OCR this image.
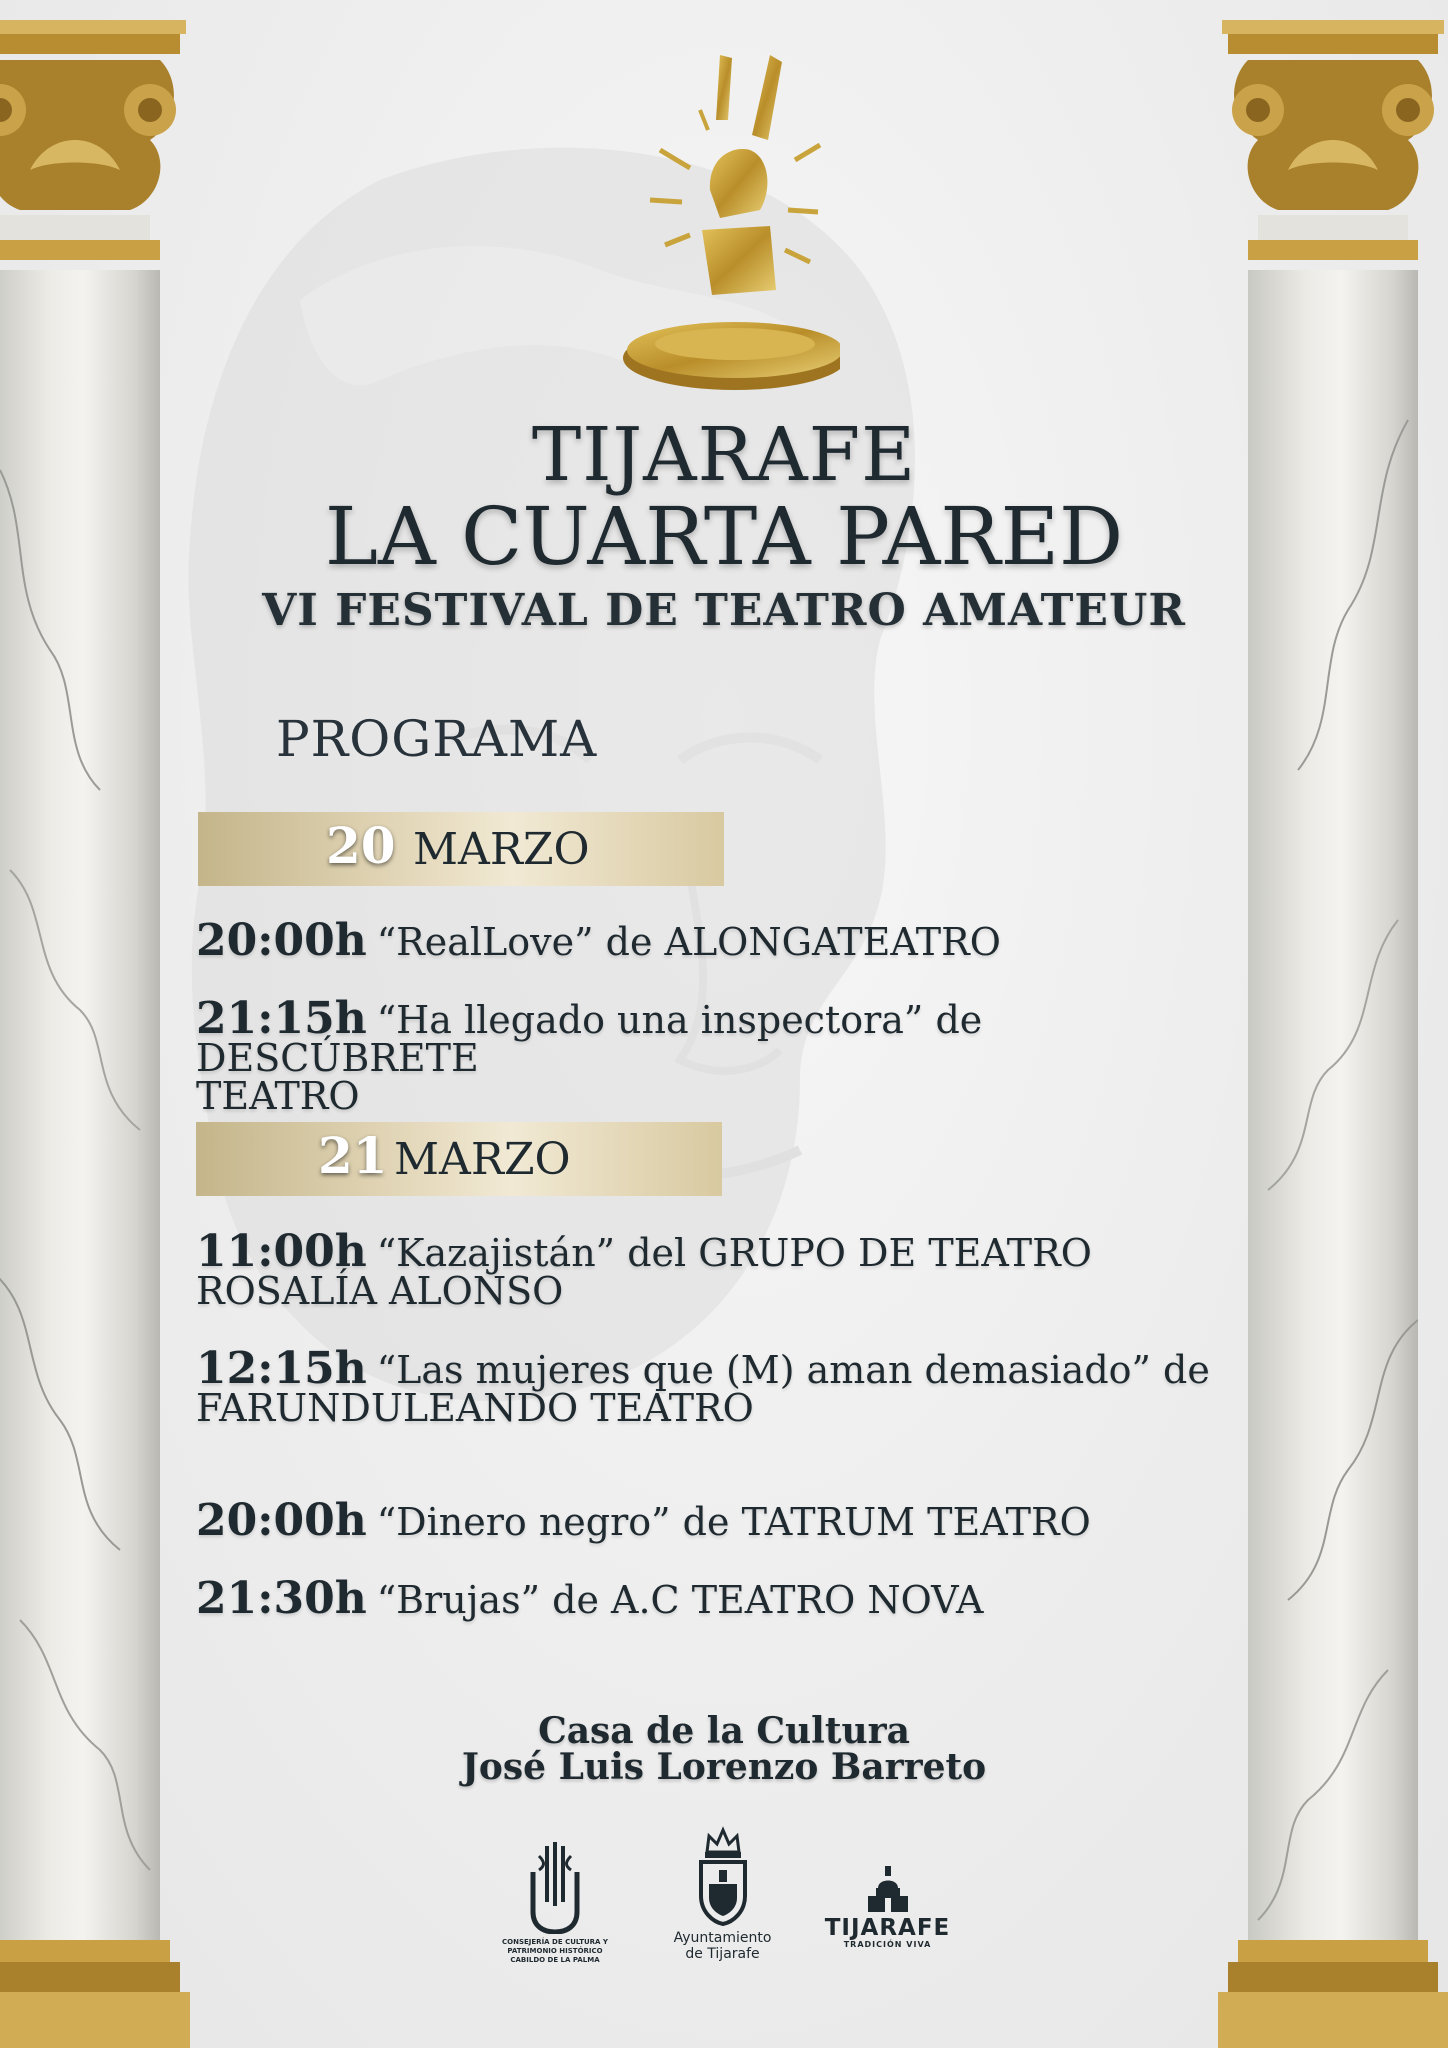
TIJARAFE
LA CUARTA PARED
VI FESTIVAL DE TEATRO AMATEUR
PROGRAMA
20 MARZO
20:00h “RealLove” de ALONGATEATRO
21:15h “Ha llegado una inspectora” de DESCÚBRETE
TEATRO
21 MARZO
11:00h “Kazajistán” del GRUPO DE TEATRO
ROSALÍA ALONSO
12:15h “Las mujeres que (M) aman demasiado” de
FARUNDULEANDO TEATRO
20:00h “Dinero negro” de TATRUM TEATRO
21:30h “Brujas” de A.C TEATRO NOVA
Casa de la Cultura
José Luis Lorenzo Barreto
CONSEJERÍA DE CULTURA Y
PATRIMONIO HISTÓRICO
CABILDO DE LA PALMA
Ayuntamiento
de Tijarafe
TIJARAFE
TRADICIÓN VIVA
